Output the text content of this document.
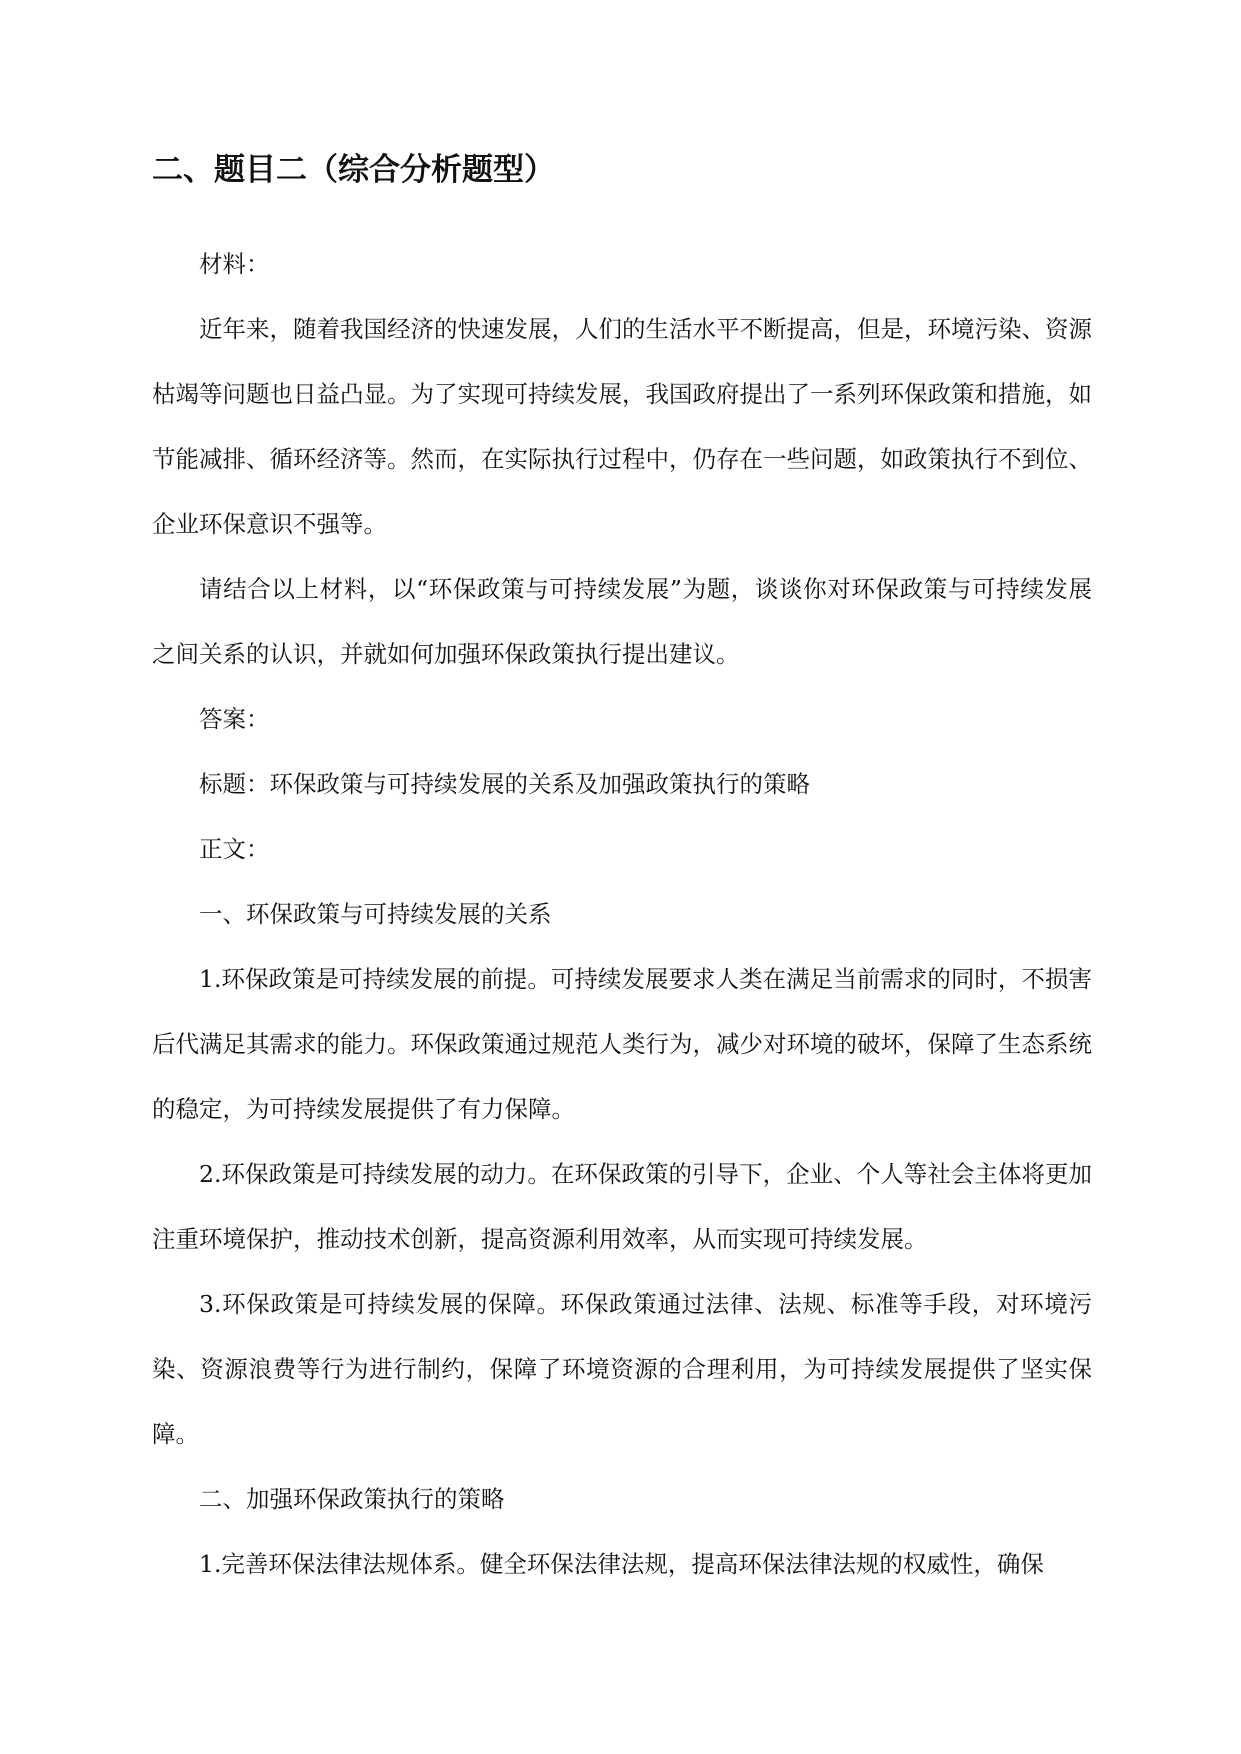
二、题目二（综合分析题型）

材料：

近年来，随着我国经济的快速发展，人们的生活水平不断提高，但是，环境污染、资源枯竭等问题也日益凸显。为了实现可持续发展，我国政府提出了一系列环保政策和措施，如节能减排、循环经济等。然而，在实际执行过程中，仍存在一些问题，如政策执行不到位、企业环保意识不强等。

请结合以上材料，以“环保政策与可持续发展”为题，谈谈你对环保政策与可持续发展之间关系的认识，并就如何加强环保政策执行提出建议。

答案：

标题：环保政策与可持续发展的关系及加强政策执行的策略

正文：

一、环保政策与可持续发展的关系

1.环保政策是可持续发展的前提。可持续发展要求人类在满足当前需求的同时，不损害后代满足其需求的能力。环保政策通过规范人类行为，减少对环境的破坏，保障了生态系统的稳定，为可持续发展提供了有力保障。

2.环保政策是可持续发展的动力。在环保政策的引导下，企业、个人等社会主体将更加注重环境保护，推动技术创新，提高资源利用效率，从而实现可持续发展。

3.环保政策是可持续发展的保障。环保政策通过法律、法规、标准等手段，对环境污染、资源浪费等行为进行制约，保障了环境资源的合理利用，为可持续发展提供了坚实保障。

二、加强环保政策执行的策略

1.完善环保法律法规体系。健全环保法律法规，提高环保法律法规的权威性，确保
